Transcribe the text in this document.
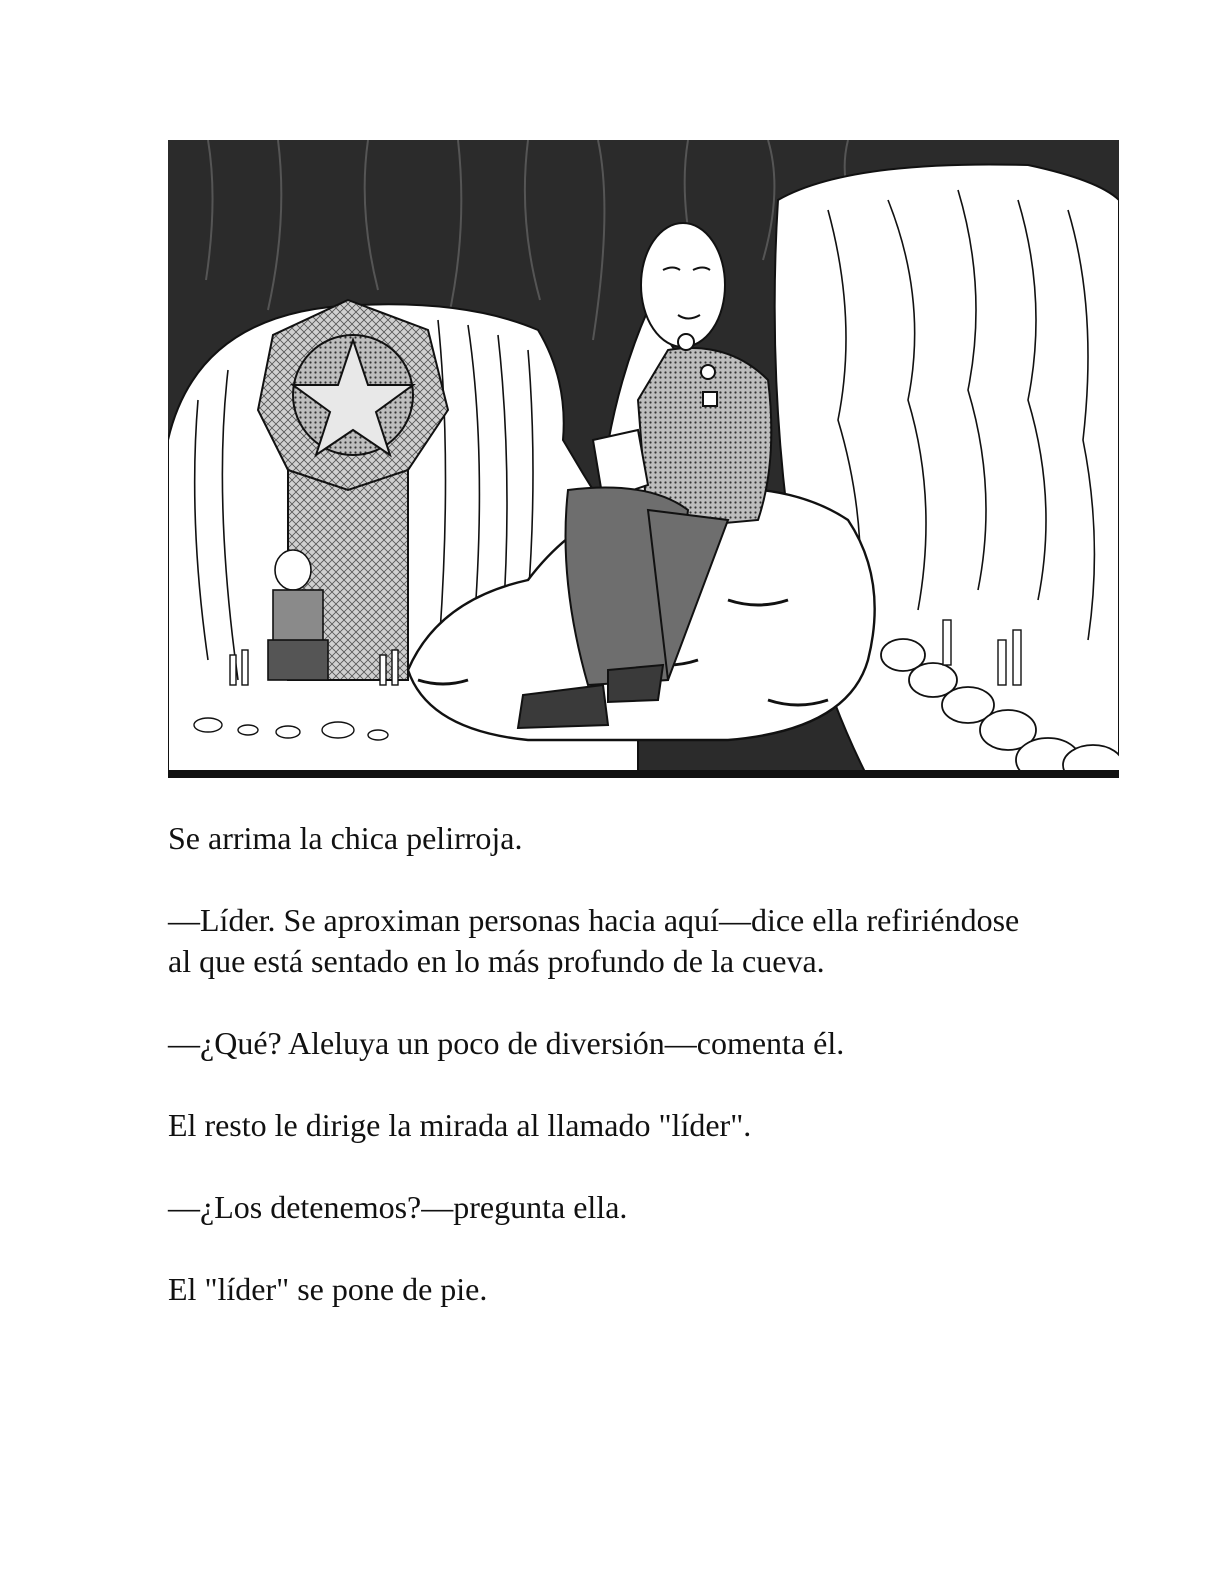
Se arrima la chica pelirroja.

—Líder. Se aproximan personas hacia aquí—dice ella refiriéndose al que está sentado en lo más profundo de la cueva.

—¿Qué? Aleluya un poco de diversión—comenta él.

El resto le dirige la mirada al llamado "líder".

—¿Los detenemos?—pregunta ella.

El "líder" se pone de pie.
